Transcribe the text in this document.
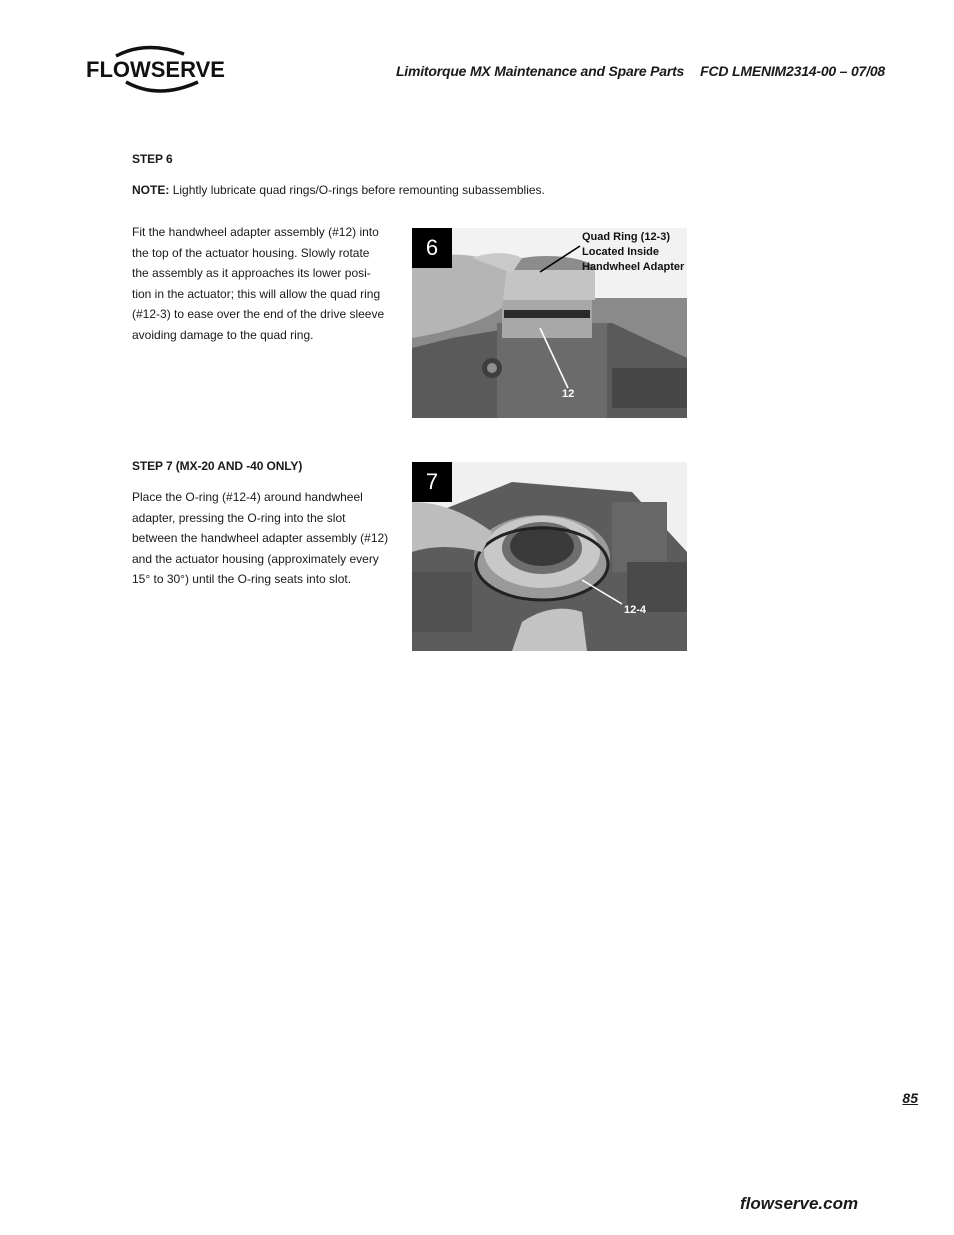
FLOWSERVE	Limitorque MX Maintenance and Spare Parts FCD LMENIM2314-00 – 07/08
STEP 6
NOTE: Lightly lubricate quad rings/O-rings before remounting subassemblies.
Fit the handwheel adapter assembly (#12) into
the top of the actuator housing. Slowly rotate
the assembly as it approaches its lower posi-
tion in the actuator; this will allow the quad ring
(#12-3) to ease over the end of the drive sleeve
avoiding damage to the quad ring.
6	Quad Ring (12-3)
Located Inside
Handwheel Adapter
12
STEP 7 (MX-20 AND -40 ONLY)
Place the O-ring (#12-4) around handwheel
adapter, pressing the O-ring into the slot
between the handwheel adapter assembly (#12)
and the actuator housing (approximately every
15° to 30°) until the O-ring seats into slot.
7
12-4
85
flowserve.com
